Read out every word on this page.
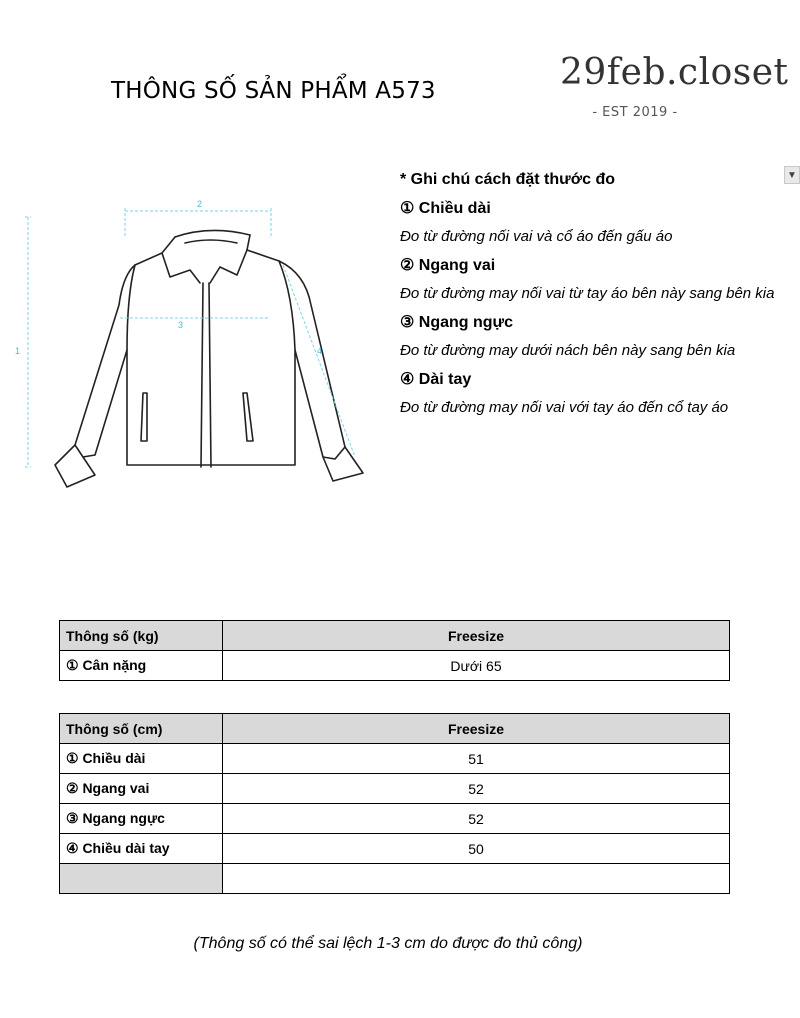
THÔNG SỐ SẢN PHẨM A573	29feb.closet
- EST 2019 -
▼
* Ghi chú cách đặt thước đo
① Chiều dài
Đo từ đường nối vai và cổ áo đến gấu áo
② Ngang vai
Đo từ đường may nối vai từ tay áo bên này sang bên kia
③ Ngang ngực
Đo từ đường may dưới nách bên này sang bên kia
④ Dài tay
Đo từ đường may nối vai với tay áo đến cổ tay áo
1
2
3
4
Thông số (kg)	Freesize
① Cân nặng	Dưới 65
Thông số (cm)	Freesize
① Chiều dài	51
② Ngang vai	52
③ Ngang ngực	52
④ Chiều dài tay	50

(Thông số có thể sai lệch 1-3 cm do được đo thủ công)
